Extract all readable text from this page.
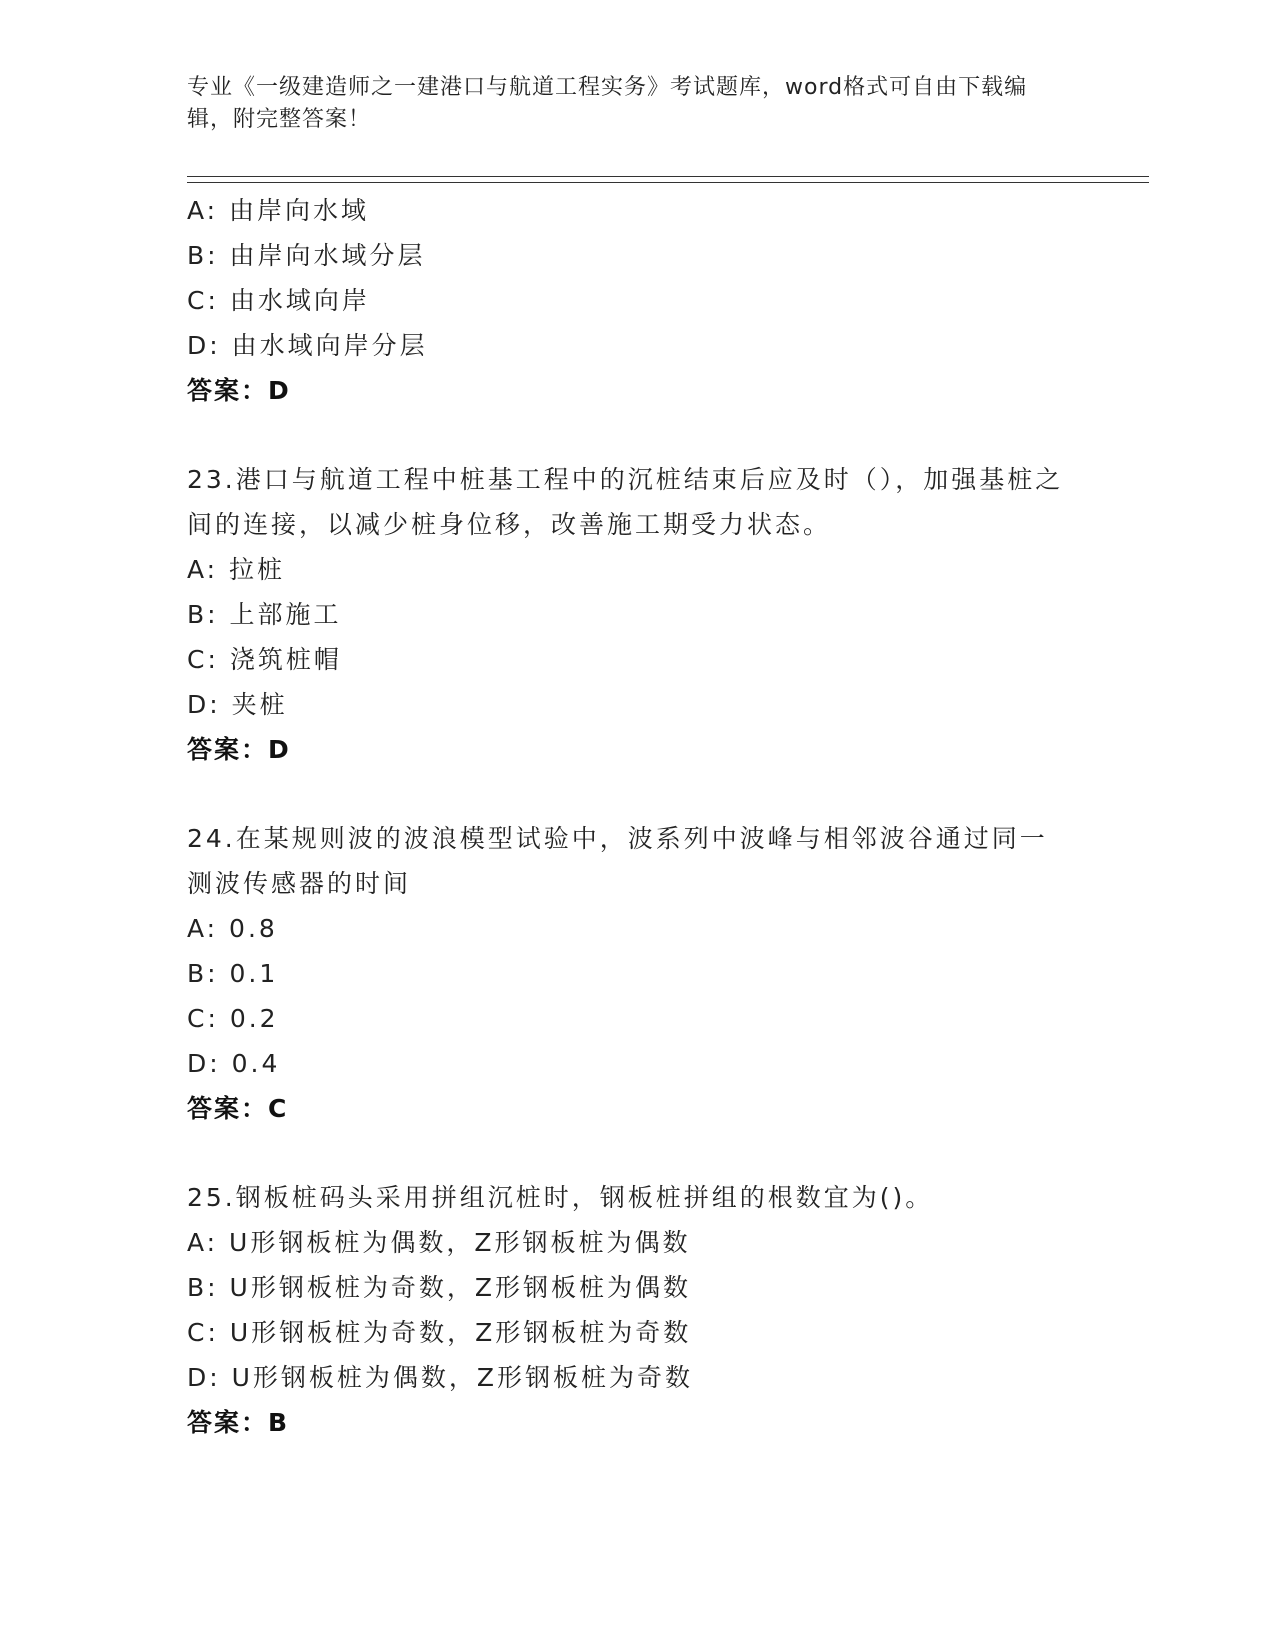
专业《一级建造师之一建港口与航道工程实务》考试题库，word格式可自由下载编辑，附完整答案！
A: 由岸向水域
B: 由岸向水域分层
C: 由水域向岸
D: 由水域向岸分层
答案：D
23.港口与航道工程中桩基工程中的沉桩结束后应及时（），加强基桩之间的连接，以减少桩身位移，改善施工期受力状态。
A: 拉桩
B: 上部施工
C: 浇筑桩帽
D: 夹桩
答案：D
24.在某规则波的波浪模型试验中，波系列中波峰与相邻波谷通过同一测波传感器的时间
A: 0.8
B: 0.1
C: 0.2
D: 0.4
答案：C
25.钢板桩码头采用拼组沉桩时，钢板桩拼组的根数宜为()。
A: U形钢板桩为偶数，Z形钢板桩为偶数
B: U形钢板桩为奇数，Z形钢板桩为偶数
C: U形钢板桩为奇数，Z形钢板桩为奇数
D: U形钢板桩为偶数，Z形钢板桩为奇数
答案：B
